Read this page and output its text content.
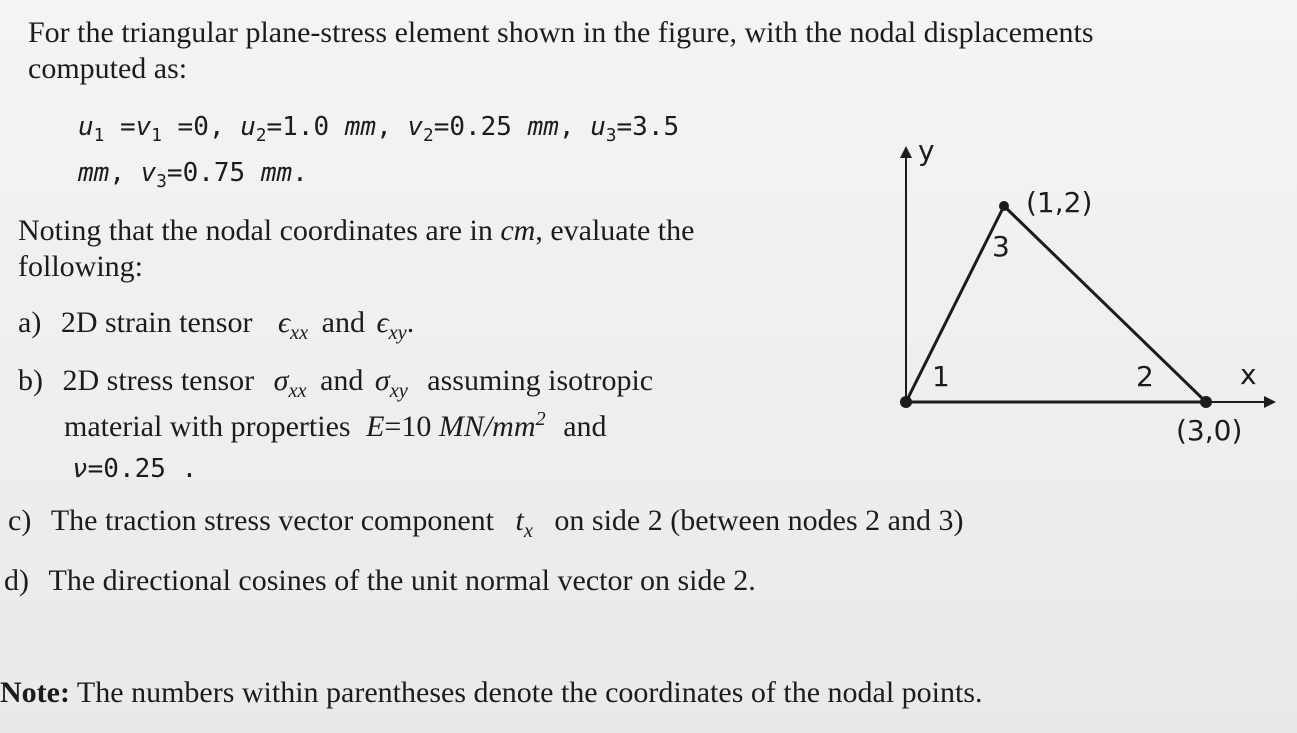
For the triangular plane-stress element shown in the figure, with the nodal displacements
computed as:
$u_1 =v_1 =0$, $u_2=1.0$ mm, $v_2=0.25$ mm, $u_3=3.5$
mm, $v_3=0.75$ mm.
Noting that the nodal coordinates are in cm, evaluate the
following:
a) 2D strain tensor $\epsilon_{xx}$ and $\epsilon_{xy}$.
b) 2D stress tensor $\sigma_{xx}$ and $\sigma_{xy}$ assuming isotropic
material with properties E=10 $MN/mm^2$ and
ν=0.25 .
c) The traction stress vector component $t_x$ on side 2 (between nodes 2 and 3)
d) The directional cosines of the unit normal vector on side 2.
Note: The numbers within parentheses denote the coordinates of the nodal points.
y
x
1	2
3
(1,2)
(3,0)
